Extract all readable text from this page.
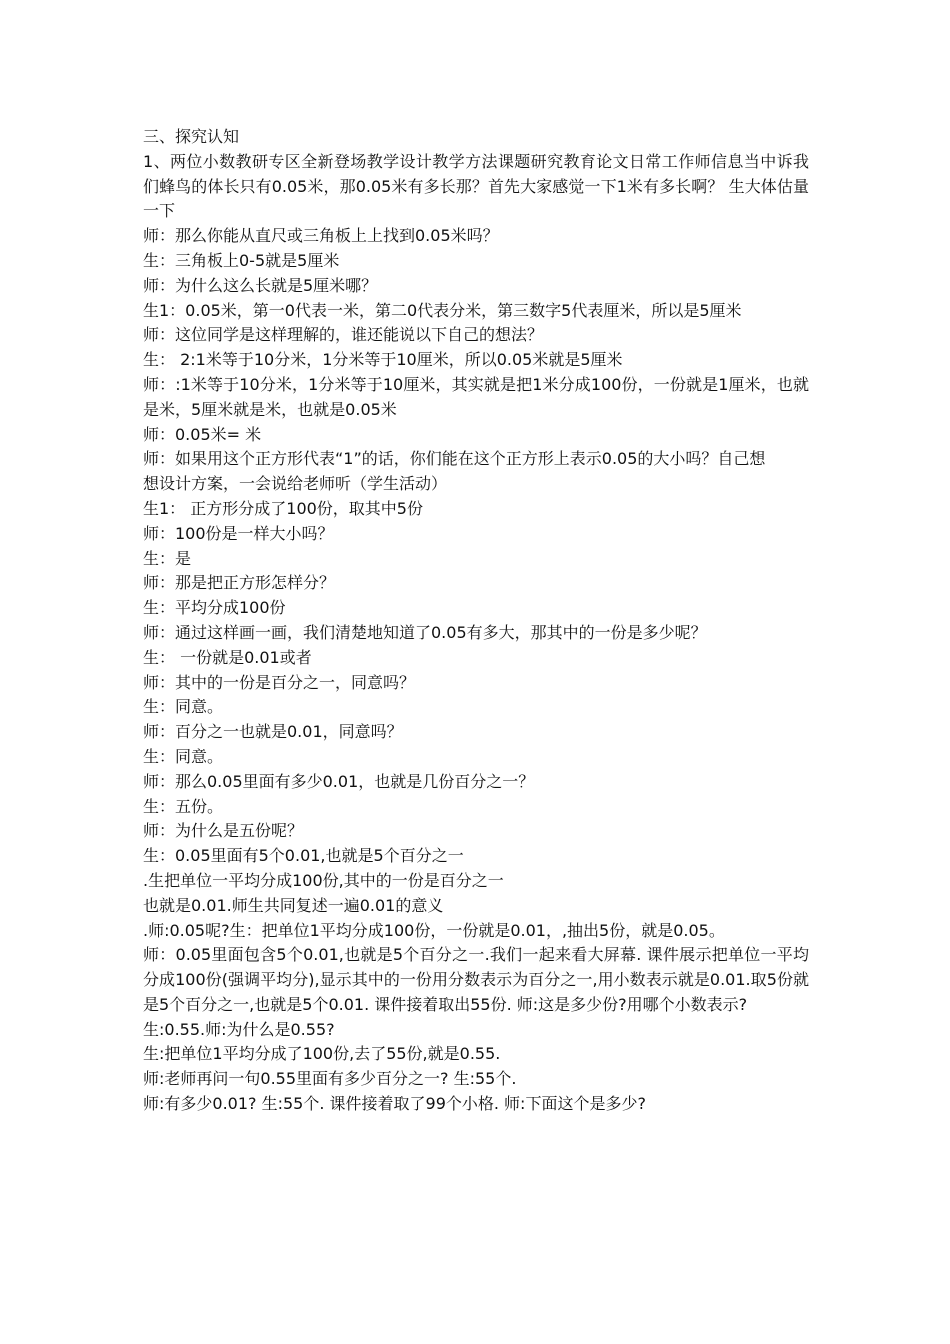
三、探究认知

1、两位小数教研专区全新登场教学设计教学方法课题研究教育论文日常工作师信息当中诉我们蜂鸟的体长只有0.05米，那0.05米有多长那？首先大家感觉一下1米有多长啊？ 生大体估量一下

师：那么你能从直尺或三角板上上找到0.05米吗？

生：三角板上0-5就是5厘米

师：为什么这么长就是5厘米哪？

生1：0.05米，第一0代表一米，第二0代表分米，第三数字5代表厘米，所以是5厘米

师：这位同学是这样理解的，谁还能说以下自己的想法？

生： 2:1米等于10分米，1分米等于10厘米，所以0.05米就是5厘米

师：:1米等于10分米，1分米等于10厘米，其实就是把1米分成100份，一份就是1厘米，也就是米，5厘米就是米，也就是0.05米

师：0.05米= 米

师：如果用这个正方形代表“1”的话，你们能在这个正方形上表示0.05的大小吗？自己想

想设计方案，一会说给老师听（学生活动）

生1： 正方形分成了100份，取其中5份

师：100份是一样大小吗？

生：是

师：那是把正方形怎样分？

生：平均分成100份

师：通过这样画一画，我们清楚地知道了0.05有多大，那其中的一份是多少呢？

生： 一份就是0.01或者

师：其中的一份是百分之一，同意吗？

生：同意。

师：百分之一也就是0.01，同意吗？

生：同意。

师：那么0.05里面有多少0.01，也就是几份百分之一？

生：五份。

师：为什么是五份呢？

生：0.05里面有5个0.01,也就是5个百分之一

.生把单位一平均分成100份,其中的一份是百分之一

也就是0.01.师生共同复述一遍0.01的意义

.师:0.05呢?生：把单位1平均分成100份，一份就是0.01，,抽出5份，就是0.05。

师：0.05里面包含5个0.01,也就是5个百分之一.我们一起来看大屏幕. 课件展示把单位一平均分成100份(强调平均分),显示其中的一份用分数表示为百分之一,用小数表示就是0.01.取5份就是5个百分之一,也就是5个0.01. 课件接着取出55份. 师:这是多少份?用哪个小数表示?

生:0.55.师:为什么是0.55?

生:把单位1平均分成了100份,去了55份,就是0.55.

师:老师再问一句0.55里面有多少百分之一? 生:55个.

师:有多少0.01? 生:55个. 课件接着取了99个小格. 师:下面这个是多少?
